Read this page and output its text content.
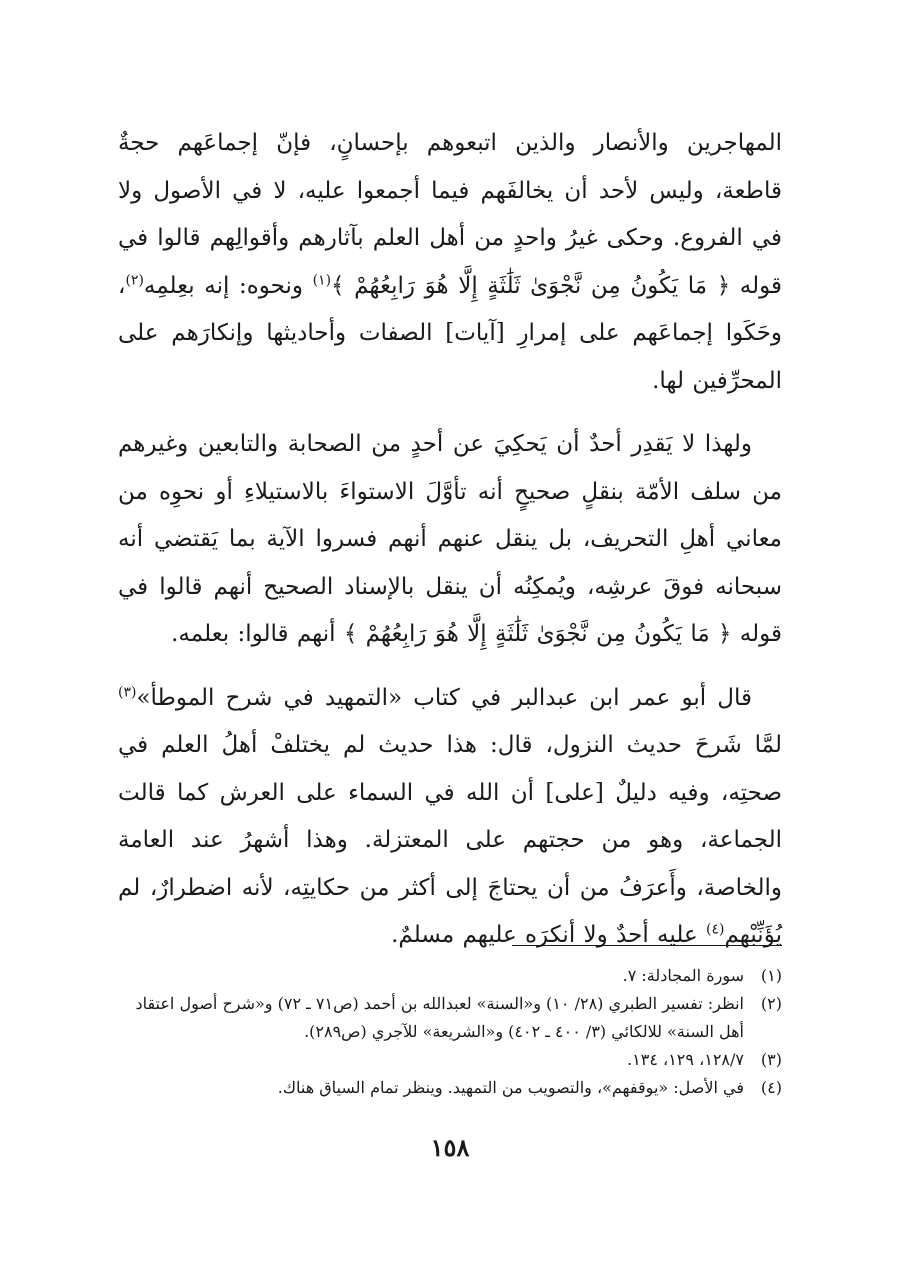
المهاجرين والأنصار والذين اتبعوهم بإحسانٍ، فإنّ إجماعَهم حجةٌ قاطعة، وليس لأحد أن يخالفَهم فيما أجمعوا عليه، لا في الأصول ولا في الفروع. وحكى غيرُ واحدٍ من أهل العلم بآثارهم وأقوالِهم قالوا في قوله ﴿ مَا يَكُونُ مِن نَّجْوَىٰ ثَلَٰثَةٍ إِلَّا هُوَ رَابِعُهُمْ ﴾$^{(١)}$ ونحوه: إنه بعِلمِه$^{(٢)}$، وحَكَوا إجماعَهم على إمرارِ [آيات] الصفات وأحاديثها وإنكارَهم على المحرِّفين لها.

ولهذا لا يَقدِر أحدٌ أن يَحكِيَ عن أحدٍ من الصحابة والتابعين وغيرهم من سلف الأمّة بنقلٍ صحيحٍ أنه تأوَّلَ الاستواءَ بالاستيلاءِ أو نحوِه من معاني أهلِ التحريف، بل ينقل عنهم أنهم فسروا الآية بما يَقتضي أنه سبحانه فوقَ عرشِه، ويُمكِنُه أن ينقل بالإسناد الصحيح أنهم قالوا في قوله ﴿ مَا يَكُونُ مِن نَّجْوَىٰ ثَلَٰثَةٍ إِلَّا هُوَ رَابِعُهُمْ ﴾ أنهم قالوا: بعلمه.

قال أبو عمر ابن عبدالبر في كتاب «التمهيد في شرح الموطأ»$^{(٣)}$ لمَّا شَرحَ حديث النزول، قال: هذا حديث لم يختلفْ أهلُ العلم في صحتِه، وفيه دليلٌ [على] أن الله في السماء على العرش كما قالت الجماعة، وهو من حجتهم على المعتزلة. وهذا أشهرُ عند العامة والخاصة، وأَعرَفُ من أن يحتاجَ إلى أكثر من حكايتِه، لأنه اضطرارٌ، لم يُؤَنِّبْهم$^{(٤)}$ عليه أحدٌ ولا أنكرَه عليهم مسلمٌ.

(١)
سورة المجادلة: ٧.
(٢)
انظر: تفسير الطبري (٢٨/ ١٠) و«السنة» لعبدالله بن أحمد (ص٧١ ـ ٧٢) و«شرح أصول اعتقاد أهل السنة» للالكائي (٣/ ٤٠٠ ـ ٤٠٢) و«الشريعة» للآجري (ص٢٨٩).
(٣)
١٢٨/٧، ١٢٩، ١٣٤.
(٤)
في الأصل: «يوقفهم»، والتصويب من التمهيد. وينظر تمام السياق هناك.
١٥٨
